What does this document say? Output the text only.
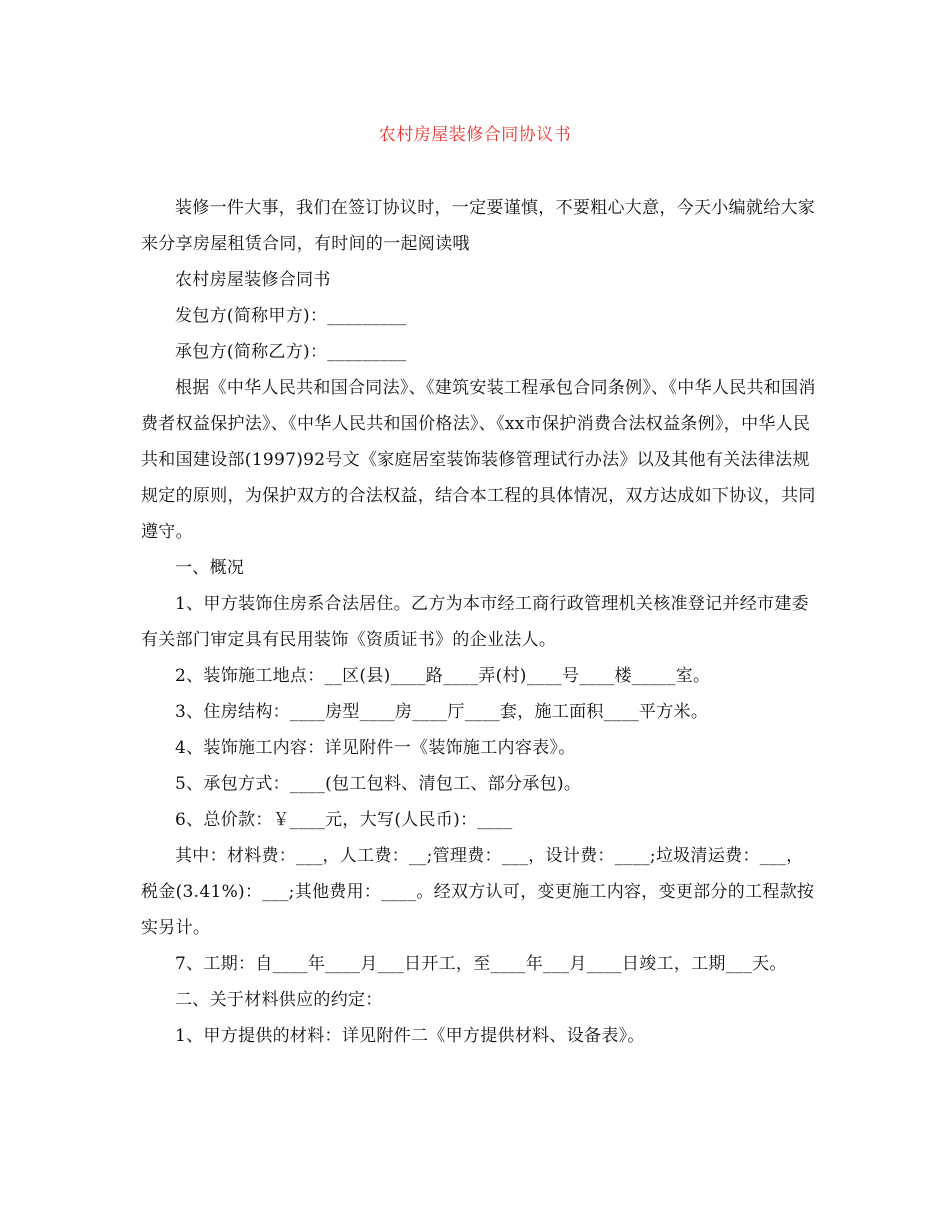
农村房屋装修合同协议书

装修一件大事，我们在签订协议时，一定要谨慎，不要粗心大意，今天小编就给大家来分享房屋租赁合同，有时间的一起阅读哦

农村房屋装修合同书

发包方(简称甲方)：_________

承包方(简称乙方)：_________

根据《中华人民共和国合同法》、《建筑安装工程承包合同条例》、《中华人民共和国消费者权益保护法》、《中华人民共和国价格法》、《xx市保护消费合法权益条例》，中华人民共和国建设部(1997)92号文《家庭居室装饰装修管理试行办法》以及其他有关法律法规规定的原则，为保护双方的合法权益，结合本工程的具体情况，双方达成如下协议，共同遵守。

一、概况

1、甲方装饰住房系合法居住。乙方为本市经工商行政管理机关核准登记并经市建委有关部门审定具有民用装饰《资质证书》的企业法人。

2、装饰施工地点：__区(县)____路____弄(村)____号____楼_____室。

3、住房结构：____房型____房____厅____套，施工面积____平方米。

4、装饰施工内容：详见附件一《装饰施工内容表》。

5、承包方式：____(包工包料、清包工、部分承包)。

6、总价款：￥____元，大写(人民币)：____

其中：材料费：___，人工费：__;管理费：___，设计费：____;垃圾清运费：___，税金(3.41%)：___;其他费用：____。经双方认可，变更施工内容，变更部分的工程款按实另计。

7、工期：自____年____月___日开工，至____年___月____日竣工，工期___天。

二、关于材料供应的约定：

1、甲方提供的材料：详见附件二《甲方提供材料、设备表》。
